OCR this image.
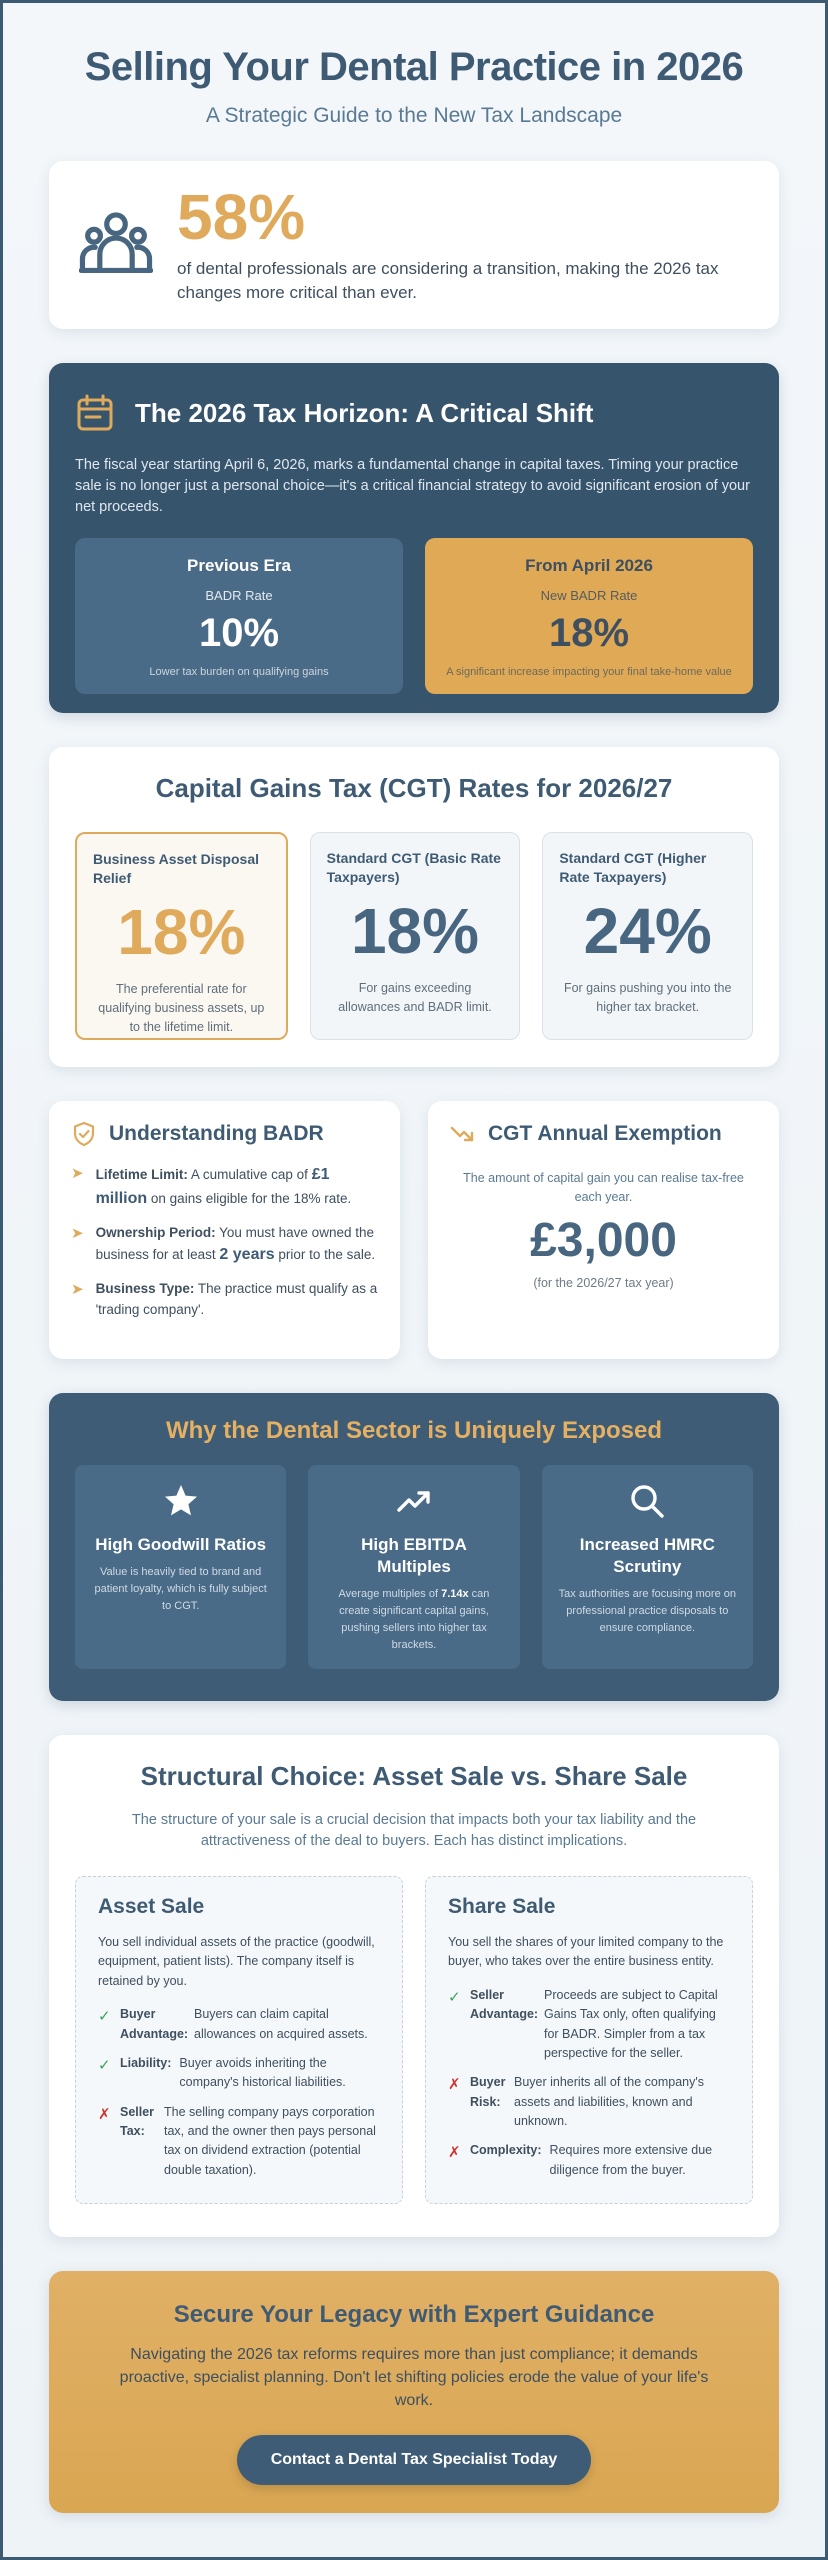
Selling Your Dental Practice in 2026

A Strategic Guide to the New Tax Landscape

58%
of dental professionals are considering a transition, making the 2026 tax changes more critical than ever.
The 2026 Tax Horizon: A Critical Shift

The fiscal year starting April 6, 2026, marks a fundamental change in capital taxes. Timing your practice sale is no longer just a personal choice—it's a critical financial strategy to avoid significant erosion of your net proceeds.

Previous Era
BADR Rate
10%
Lower tax burden on qualifying gains
From April 2026
New BADR Rate
18%
A significant increase impacting your final take-home value
Capital Gains Tax (CGT) Rates for 2026/27
Business Asset Disposal Relief
18%
The preferential rate for qualifying business assets, up to the lifetime limit.
Standard CGT (Basic Rate Taxpayers)
18%
For gains exceeding allowances and BADR limit.
Standard CGT (Higher Rate Taxpayers)
24%
For gains pushing you into the higher tax bracket.
Understanding BADR
➤ Lifetime Limit: A cumulative cap of £1 million on gains eligible for the 18% rate.
➤ Ownership Period: You must have owned the business for at least 2 years prior to the sale.
➤ Business Type: The practice must qualify as a 'trading company'.
CGT Annual Exemption
The amount of capital gain you can realise tax-free each year.
£3,000
(for the 2026/27 tax year)
Why the Dental Sector is Uniquely Exposed
High Goodwill Ratios
Value is heavily tied to brand and patient loyalty, which is fully subject to CGT.
High EBITDA Multiples
Average multiples of 7.14x can create significant capital gains, pushing sellers into higher tax brackets.
Increased HMRC Scrutiny
Tax authorities are focusing more on professional practice disposals to ensure compliance.
Structural Choice: Asset Sale vs. Share Sale

The structure of your sale is a crucial decision that impacts both your tax liability and the attractiveness of the deal to buyers. Each has distinct implications.

Asset Sale
You sell individual assets of the practice (goodwill, equipment, patient lists). The company itself is retained by you.
✓ Buyer Advantage:
Buyers can claim capital allowances on acquired assets.
✓ Liability: Buyer avoids inheriting the company's historical liabilities.
✗ Seller Tax:
The selling company pays corporation tax, and the owner then pays personal tax on dividend extraction (potential double taxation).
Share Sale
You sell the shares of your limited company to the buyer, who takes over the entire business entity.
✓ Seller Advantage:
Proceeds are subject to Capital Gains Tax only, often qualifying for BADR. Simpler from a tax perspective for the seller.
✗ Buyer Risk:
Buyer inherits all of the company's assets and liabilities, known and unknown.
✗ Complexity: Requires more extensive due diligence from the buyer.
Secure Your Legacy with Expert Guidance

Navigating the 2026 tax reforms requires more than just compliance; it demands proactive, specialist planning. Don't let shifting policies erode the value of your life's work.

Contact a Dental Tax Specialist Today
